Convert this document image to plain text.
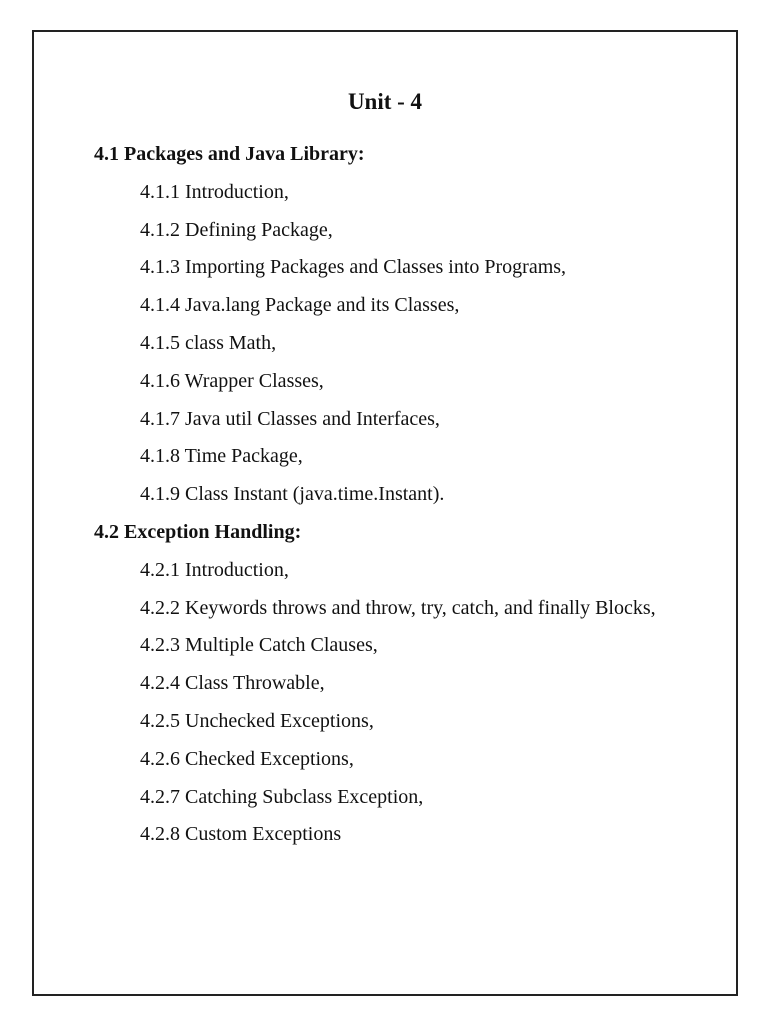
Unit - 4

4.1 Packages and Java Library:

4.1.1 Introduction,

4.1.2 Defining Package,

4.1.3 Importing Packages and Classes into Programs,

4.1.4 Java.lang Package and its Classes,

4.1.5 class Math,

4.1.6 Wrapper Classes,

4.1.7 Java util Classes and Interfaces,

4.1.8 Time Package,

4.1.9 Class Instant (java.time.Instant).

4.2 Exception Handling:

4.2.1 Introduction,

4.2.2 Keywords throws and throw, try, catch, and finally Blocks,

4.2.3 Multiple Catch Clauses,

4.2.4 Class Throwable,

4.2.5 Unchecked Exceptions,

4.2.6 Checked Exceptions,

4.2.7 Catching Subclass Exception,

4.2.8 Custom Exceptions
